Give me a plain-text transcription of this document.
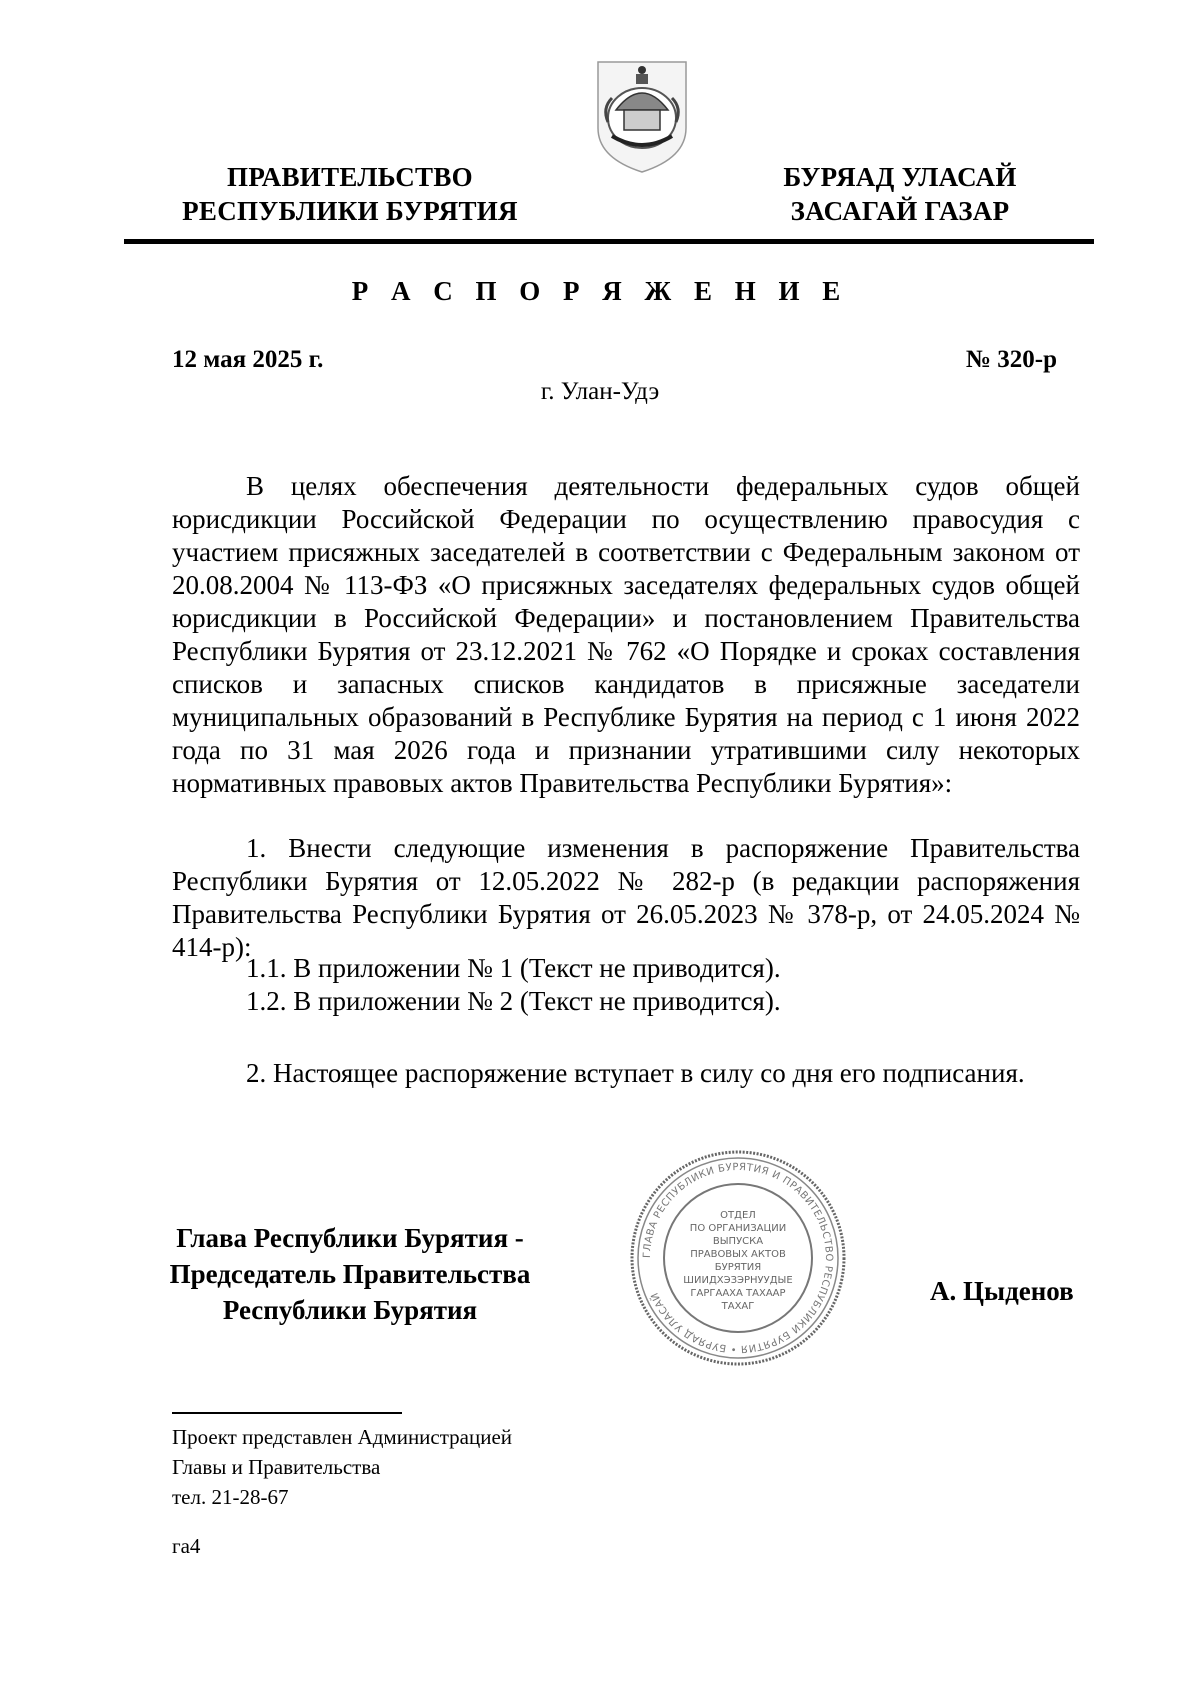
ПРАВИТЕЛЬСТВО
РЕСПУБЛИКИ БУРЯТИЯ
БУРЯАД УЛАСАЙ
ЗАСАГАЙ ГАЗАР
Р А С П О Р Я Ж Е Н И Е
12 мая 2025 г.	№ 320-р
г. Улан-Удэ

В целях обеспечения деятельности федеральных судов общей юрисдикции Российской Федерации по осуществлению правосудия с участием присяжных заседателей в соответствии с Федеральным законом от 20.08.2004 № 113-ФЗ «О присяжных заседателях федеральных судов общей юрисдикции в Российской Федерации» и постановлением Правительства Республики Бурятия от 23.12.2021 № 762 «О Порядке и сроках составления списков и запасных списков кандидатов в присяжные заседатели муниципальных образований в Республике Бурятия на период с 1 июня 2022 года по 31 мая 2026 года и признании утратившими силу некоторых нормативных правовых актов Правительства Республики Бурятия»:

1. Внести следующие изменения в распоряжение Правительства Республики Бурятия от 12.05.2022 № 282-р (в редакции распоряжения Правительства Республики Бурятия от 26.05.2023 № 378-р, от 24.05.2024 № 414-р):

1.1. В приложении № 1 (Текст не приводится).
1.2. В приложении № 2 (Текст не приводится).
2. Настоящее распоряжение вступает в силу со дня его подписания.
Глава Республики Бурятия -
Председатель Правительства
Республики Бурятия
ГЛАВА РЕСПУБЛИКИ БУРЯТИЯ И ПРАВИТЕЛЬСТВО РЕСПУБЛИКИ БУРЯТИЯ • БУРЯАД УЛАСАЙ
ОТДЕЛ
ПО ОРГАНИЗАЦИИ
ВЫПУСКА
ПРАВОВЫХ АКТОВ
БУРЯТИЯ
ШИИДХЭЗЭРНУУДЫЕ
ГАРГААХА ТАХААР
ТАХАГ
А. Цыденов
Проект представлен Администрацией
Главы и Правительства
тел. 21-28-67
га4
